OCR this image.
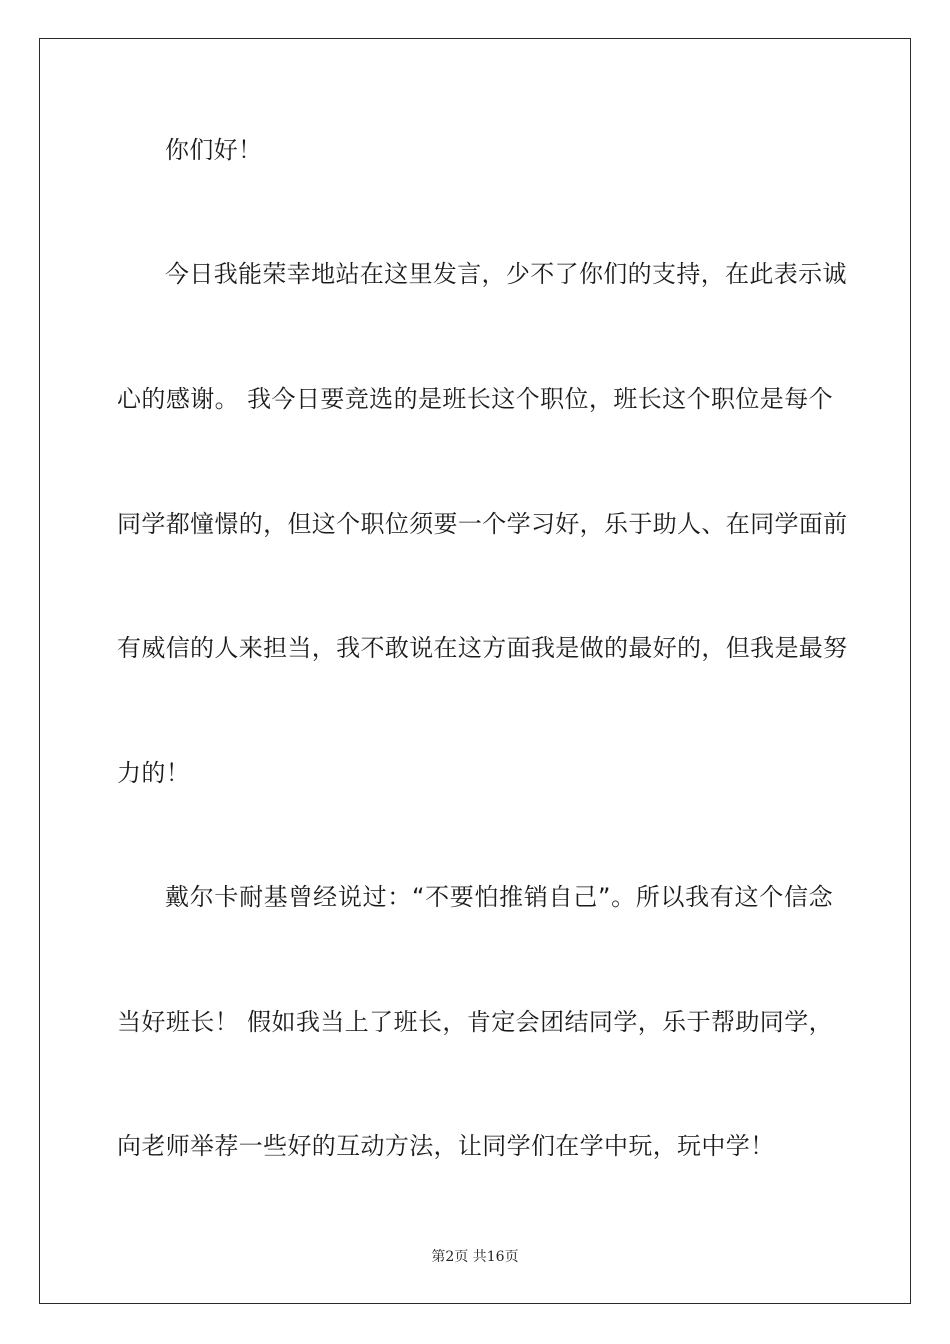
你们好！
今日我能荣幸地站在这里发言，少不了你们的支持，在此表示诚
心的感谢。 我今日要竞选的是班长这个职位，班长这个职位是每个
同学都憧憬的，但这个职位须要一个学习好，乐于助人、在同学面前
有威信的人来担当，我不敢说在这方面我是做的最好的，但我是最努
力的！
戴尔卡耐基曾经说过：“不要怕推销自己”。所以我有这个信念
当好班长！ 假如我当上了班长，肯定会团结同学，乐于帮助同学，
向老师举荐一些好的互动方法，让同学们在学中玩，玩中学！
第2页 共16页
